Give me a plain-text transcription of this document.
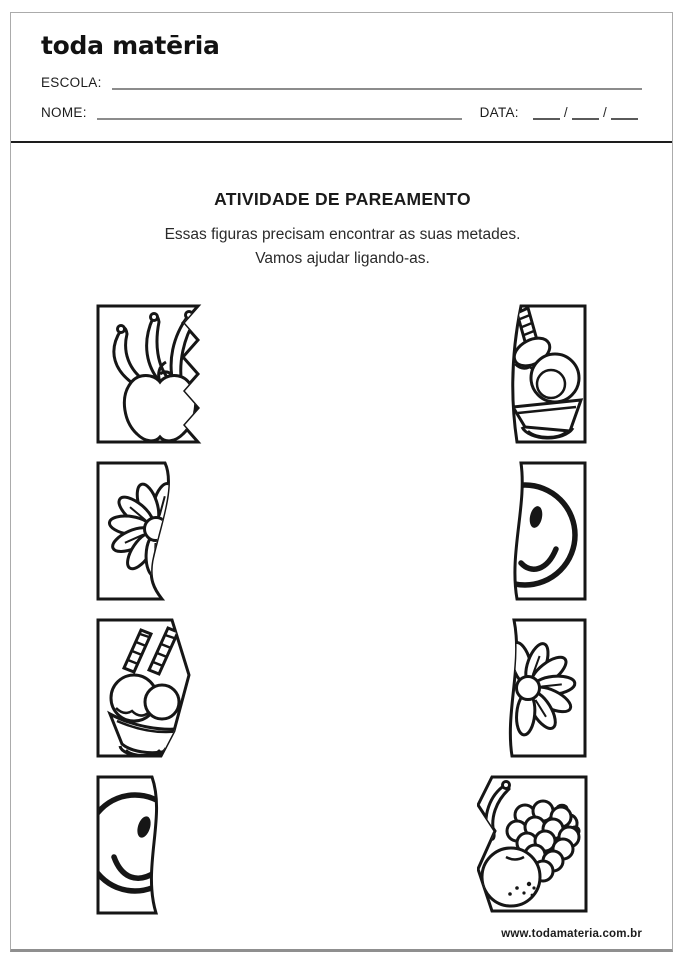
toda matēria
ESCOLA:
NOME:	DATA:	/	/
ATIVIDADE DE PAREAMENTO

Essas figuras precisam encontrar as suas metades.
Vamos ajudar ligando-as.

www.todamateria.com.br
